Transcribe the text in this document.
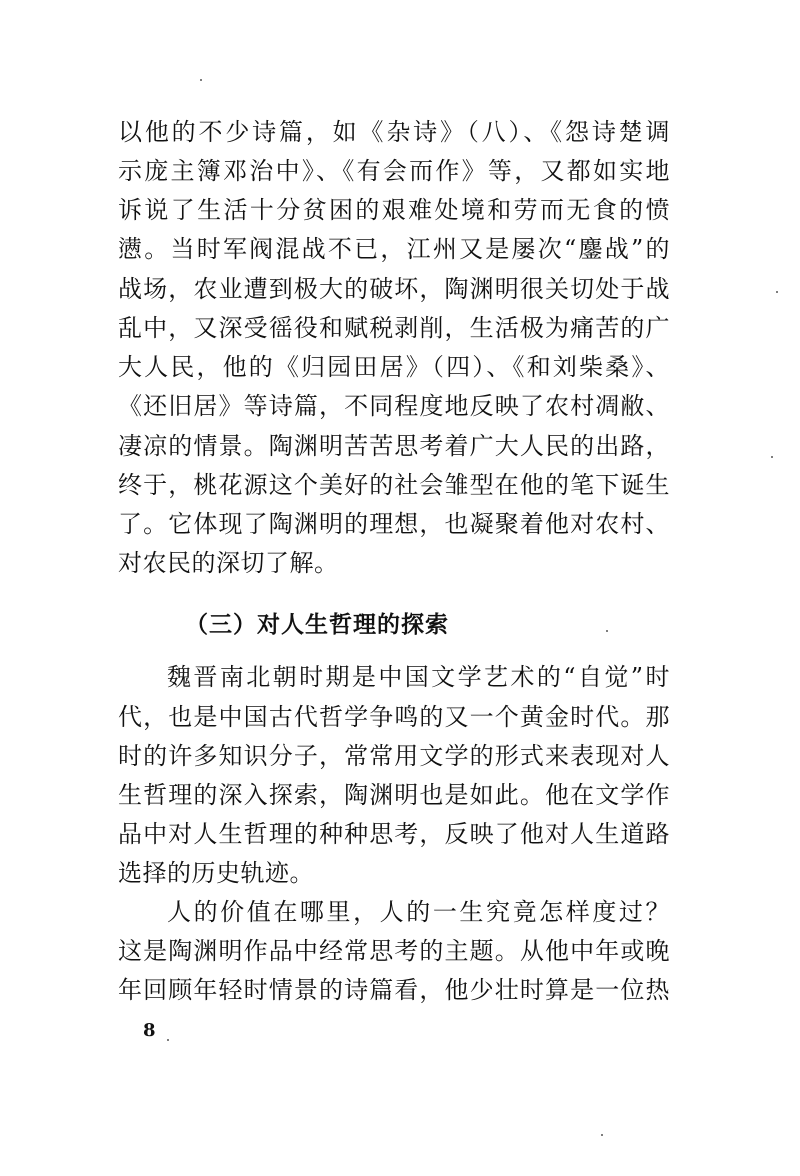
以他的不少诗篇，如《杂诗》（八）、《怨诗楚调
示庞主簿邓治中》、《有会而作》等，又都如实地
诉说了生活十分贫困的艰难处境和劳而无食的愤
懑。当时军阀混战不已，江州又是屡次“鏖战”的
战场，农业遭到极大的破坏，陶渊明很关切处于战
乱中，又深受徭役和赋税剥削，生活极为痛苦的广
大人民，他的《归园田居》（四）、《和刘柴桑》、
《还旧居》等诗篇，不同程度地反映了农村凋敝、
凄凉的情景。陶渊明苦苦思考着广大人民的出路，
终于，桃花源这个美好的社会雏型在他的笔下诞生
了。它体现了陶渊明的理想，也凝聚着他对农村、
对农民的深切了解。
（三）对人生哲理的探索
魏晋南北朝时期是中国文学艺术的“自觉”时
代，也是中国古代哲学争鸣的又一个黄金时代。那
时的许多知识分子，常常用文学的形式来表现对人
生哲理的深入探索，陶渊明也是如此。他在文学作
品中对人生哲理的种种思考，反映了他对人生道路
选择的历史轨迹。
人的价值在哪里，人的一生究竟怎样度过？
这是陶渊明作品中经常思考的主题。从他中年或晚
年回顾年轻时情景的诗篇看，他少壮时算是一位热
8
